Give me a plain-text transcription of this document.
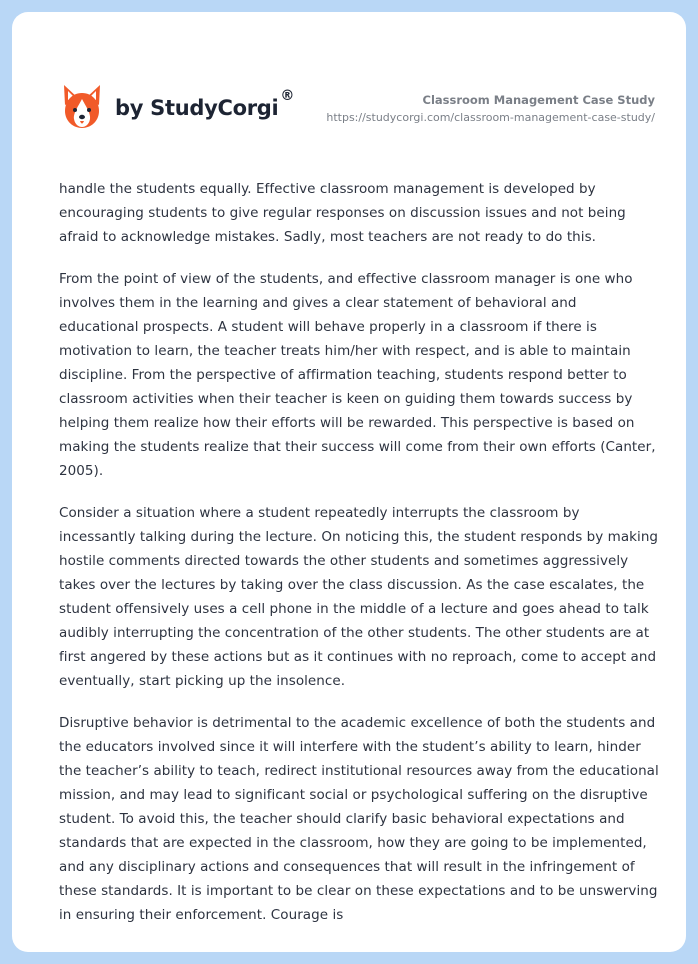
by StudyCorgi ®	Classroom Management Case Study
https://studycorgi.com/classroom-management-case-study/

handle the students equally. Effective classroom management is developed by encouraging students to give regular responses on discussion issues and not being afraid to acknowledge mistakes. Sadly, most teachers are not ready to do this.

From the point of view of the students, and effective classroom manager is one who involves them in the learning and gives a clear statement of behavioral and educational prospects. A student will behave properly in a classroom if there is motivation to learn, the teacher treats him/her with respect, and is able to maintain discipline. From the perspective of affirmation teaching, students respond better to classroom activities when their teacher is keen on guiding them towards success by helping them realize how their efforts will be rewarded. This perspective is based on making the students realize that their success will come from their own efforts (Canter, 2005).

Consider a situation where a student repeatedly interrupts the classroom by incessantly talking during the lecture. On noticing this, the student responds by making hostile comments directed towards the other students and sometimes aggressively takes over the lectures by taking over the class discussion. As the case escalates, the student offensively uses a cell phone in the middle of a lecture and goes ahead to talk audibly interrupting the concentration of the other students. The other students are at first angered by these actions but as it continues with no reproach, come to accept and eventually, start picking up the insolence.

Disruptive behavior is detrimental to the academic excellence of both the students and the educators involved since it will interfere with the student’s ability to learn, hinder the teacher’s ability to teach, redirect institutional resources away from the educational mission, and may lead to significant social or psychological suffering on the disruptive student. To avoid this, the teacher should clarify basic behavioral expectations and standards that are expected in the classroom, how they are going to be implemented, and any disciplinary actions and consequences that will result in the infringement of these standards. It is important to be clear on these expectations and to be unswerving in ensuring their enforcement. Courage is
